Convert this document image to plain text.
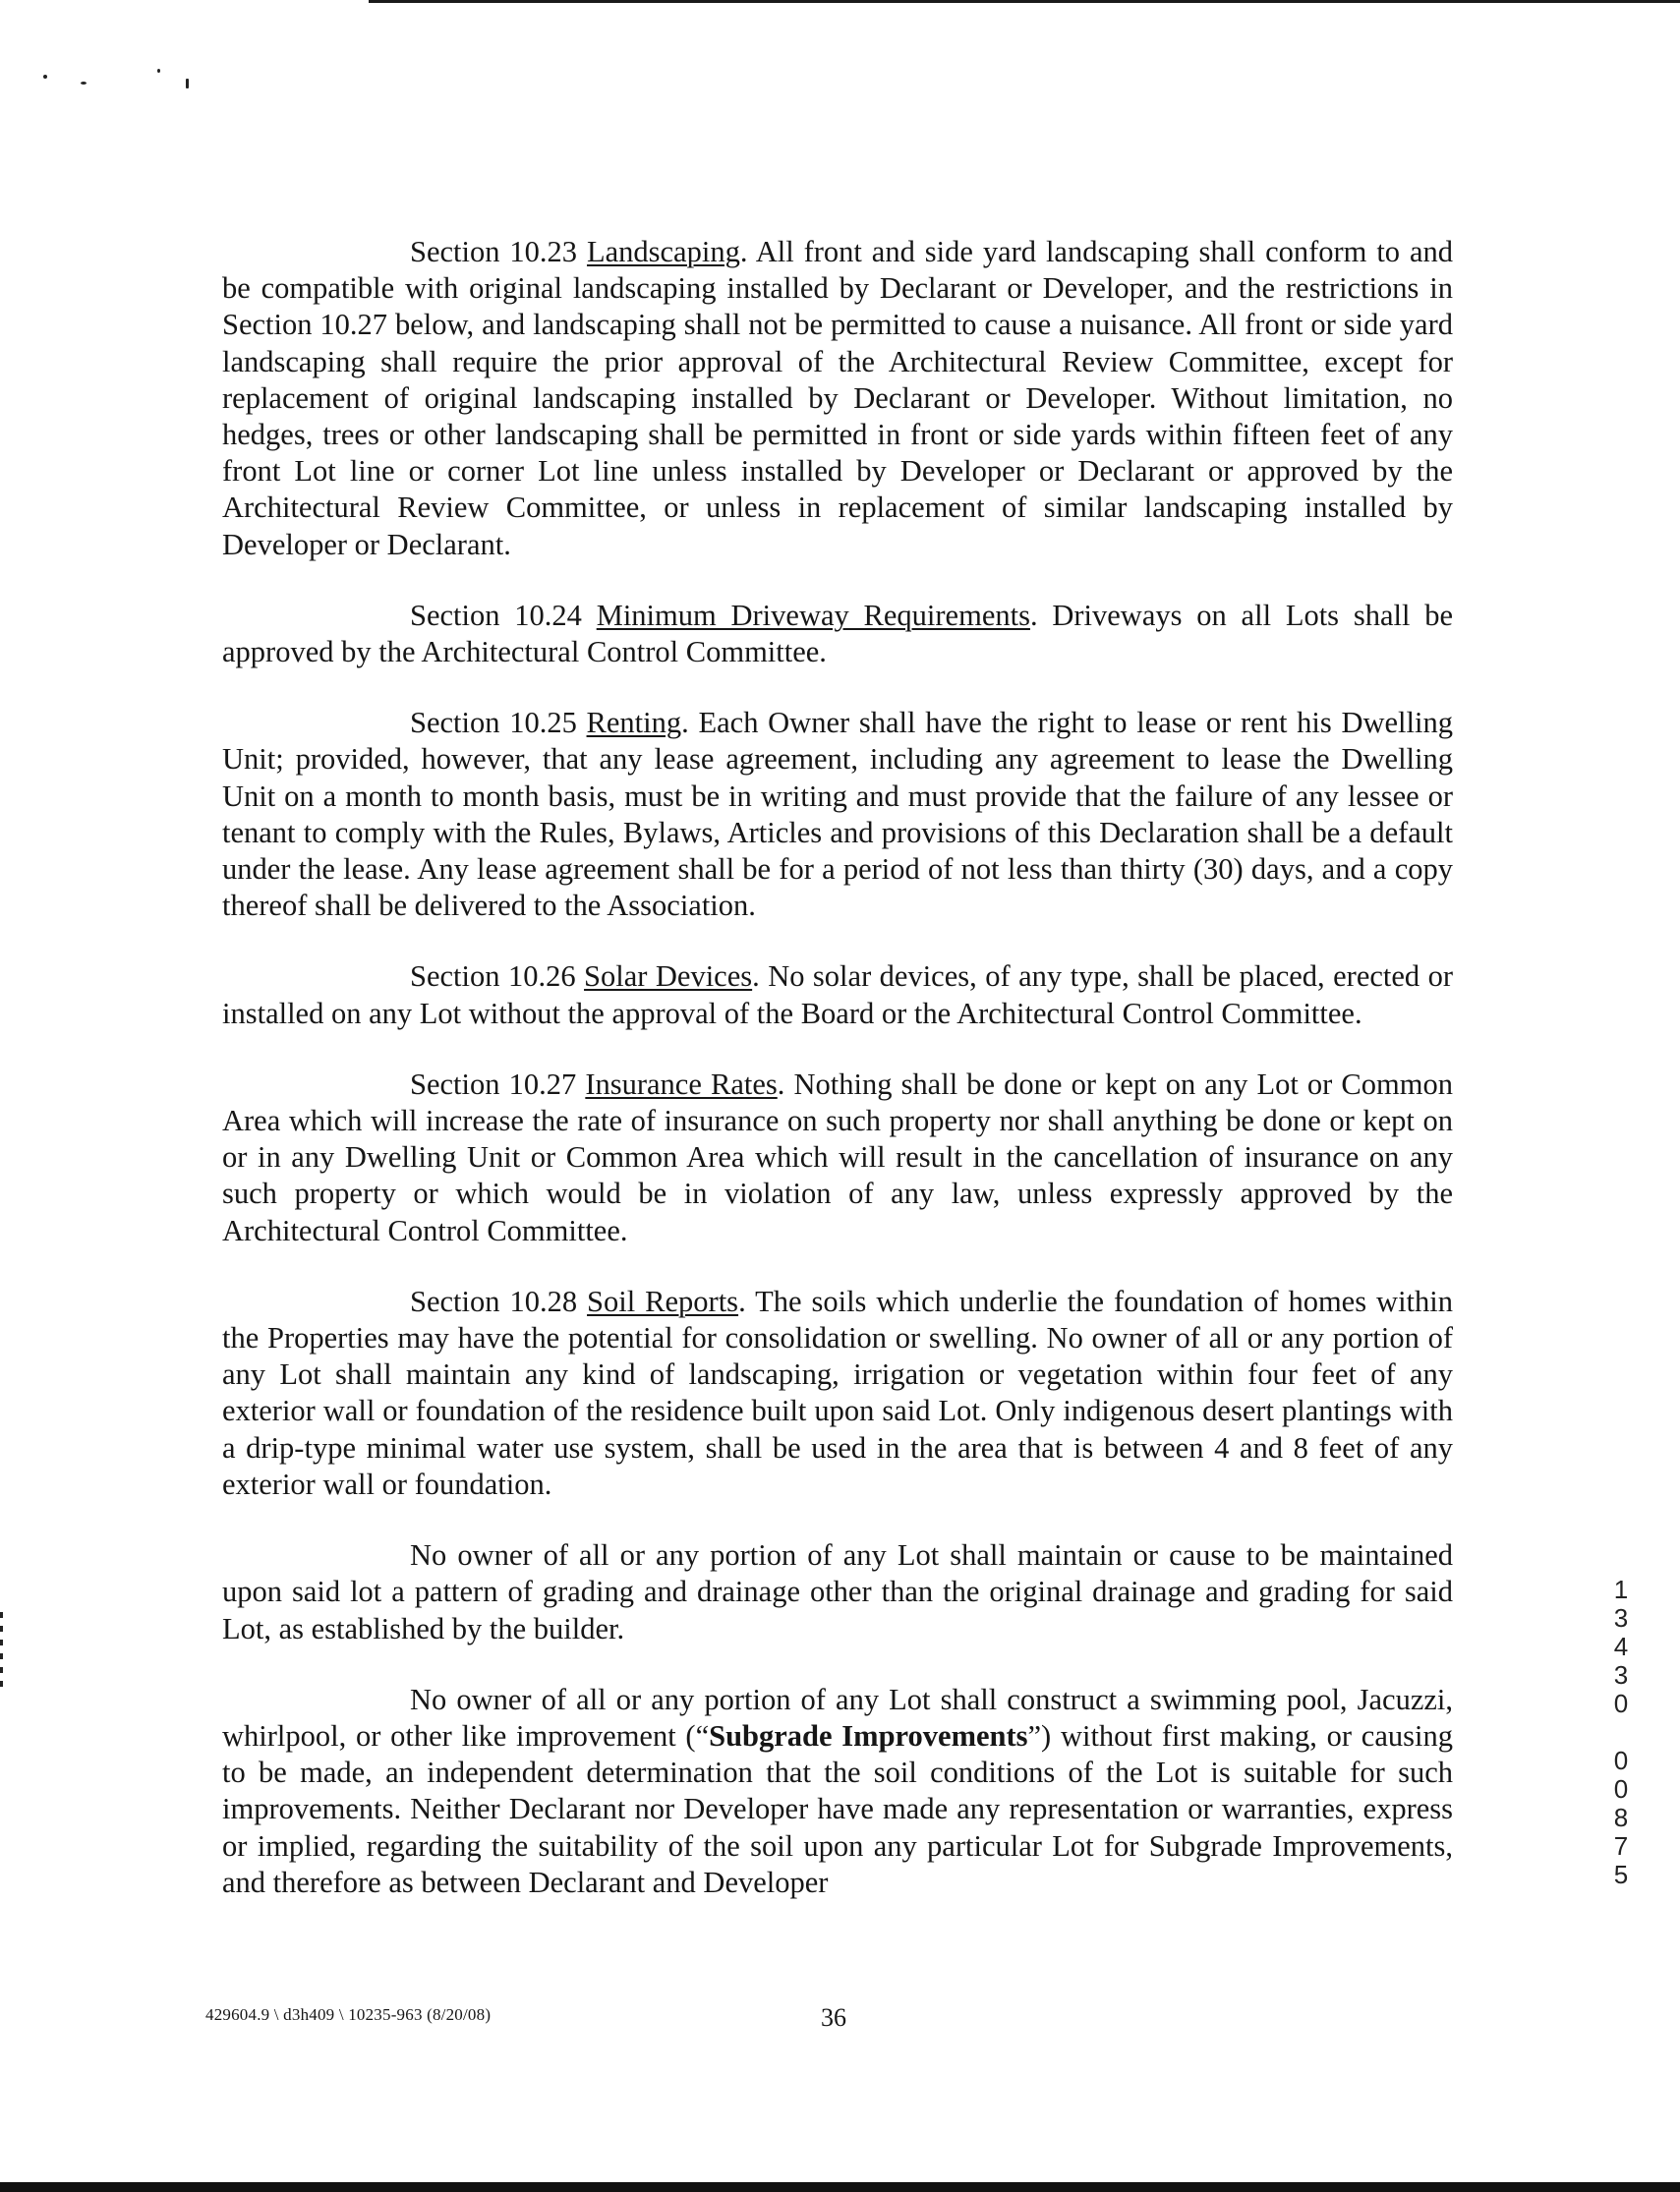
Section 10.23 Landscaping. All front and side yard landscaping shall conform to and be compatible with original landscaping installed by Declarant or Developer, and the restrictions in Section 10.27 below, and landscaping shall not be permitted to cause a nuisance. All front or side yard landscaping shall require the prior approval of the Architectural Review Committee, except for replacement of original landscaping installed by Declarant or Developer. Without limitation, no hedges, trees or other landscaping shall be permitted in front or side yards within fifteen feet of any front Lot line or corner Lot line unless installed by Developer or Declarant or approved by the Architectural Review Committee, or unless in replacement of similar landscaping installed by Developer or Declarant.

Section 10.24 Minimum Driveway Requirements. Driveways on all Lots shall be approved by the Architectural Control Committee.

Section 10.25 Renting. Each Owner shall have the right to lease or rent his Dwelling Unit; provided, however, that any lease agreement, including any agreement to lease the Dwelling Unit on a month to month basis, must be in writing and must provide that the failure of any lessee or tenant to comply with the Rules, Bylaws, Articles and provisions of this Declaration shall be a default under the lease. Any lease agreement shall be for a period of not less than thirty (30) days, and a copy thereof shall be delivered to the Association.

Section 10.26 Solar Devices. No solar devices, of any type, shall be placed, erected or installed on any Lot without the approval of the Board or the Architectural Control Committee.

Section 10.27 Insurance Rates. Nothing shall be done or kept on any Lot or Common Area which will increase the rate of insurance on such property nor shall anything be done or kept on or in any Dwelling Unit or Common Area which will result in the cancellation of insurance on any such property or which would be in violation of any law, unless expressly approved by the Architectural Control Committee.

Section 10.28 Soil Reports. The soils which underlie the foundation of homes within the Properties may have the potential for consolidation or swelling. No owner of all or any portion of any Lot shall maintain any kind of landscaping, irrigation or vegetation within four feet of any exterior wall or foundation of the residence built upon said Lot. Only indigenous desert plantings with a drip-type minimal water use system, shall be used in the area that is between 4 and 8 feet of any exterior wall or foundation.

No owner of all or any portion of any Lot shall maintain or cause to be maintained upon said lot a pattern of grading and drainage other than the original drainage and grading for said Lot, as established by the builder.

No owner of all or any portion of any Lot shall construct a swimming pool, Jacuzzi, whirlpool, or other like improvement (“Subgrade Improvements”) without first making, or causing to be made, an independent determination that the soil conditions of the Lot is suitable for such improvements. Neither Declarant nor Developer have made any representation or warranties, express or implied, regarding the suitability of the soil upon any particular Lot for Subgrade Improvements, and therefore as between Declarant and Developer

429604.9 \ d3h409 \ 10235-963 (8/20/08)	36
1
3
4
3
0
0
0
8
7
5
